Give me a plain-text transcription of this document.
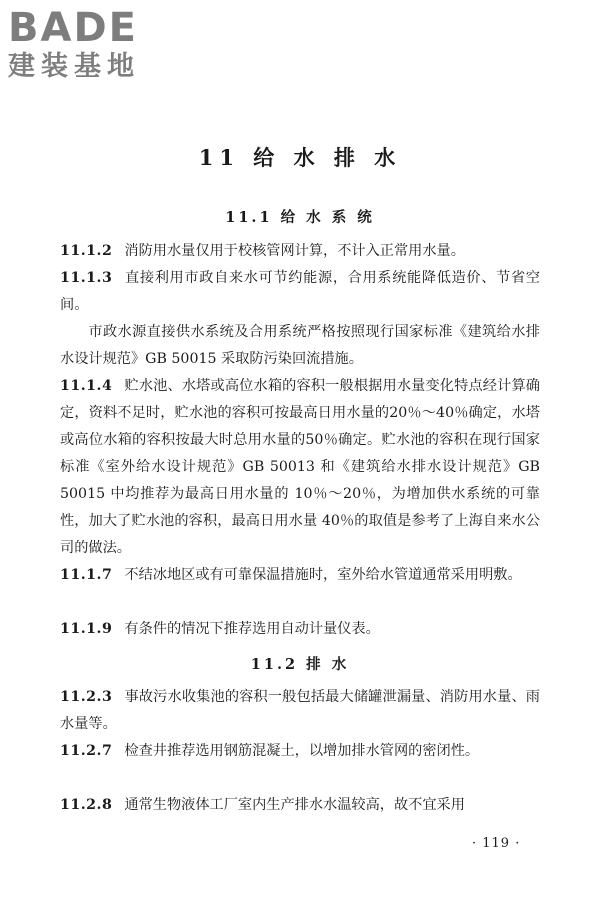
BADE
建装基地
11 给 水 排 水
11.1 给 水 系 统
11.1.2 消防用水量仅用于校核管网计算，不计入正常用水量。
11.1.3 直接利用市政自来水可节约能源，合用系统能降低造价、节省空间。
市政水源直接供水系统及合用系统严格按照现行国家标准《建筑给水排水设计规范》GB 50015 采取防污染回流措施。
11.1.4 贮水池、水塔或高位水箱的容积一般根据用水量变化特点经计算确定，资料不足时，贮水池的容积可按最高日用水量的20％～40％确定，水塔或高位水箱的容积按最大时总用水量的50％确定。贮水池的容积在现行国家标准《室外给水设计规范》GB 50013 和《建筑给水排水设计规范》GB 50015 中均推荐为最高日用水量的 10％～20％，为增加供水系统的可靠性，加大了贮水池的容积，最高日用水量 40％的取值是参考了上海自来水公司的做法。
11.1.7 不结冰地区或有可靠保温措施时，室外给水管道通常采用明敷。
11.1.9 有条件的情况下推荐选用自动计量仪表。
11.2 排 水
11.2.3 事故污水收集池的容积一般包括最大储罐泄漏量、消防用水量、雨水量等。
11.2.7 检查井推荐选用钢筋混凝土，以增加排水管网的密闭性。
11.2.8 通常生物液体工厂室内生产排水水温较高，故不宜采用
· 119 ·
